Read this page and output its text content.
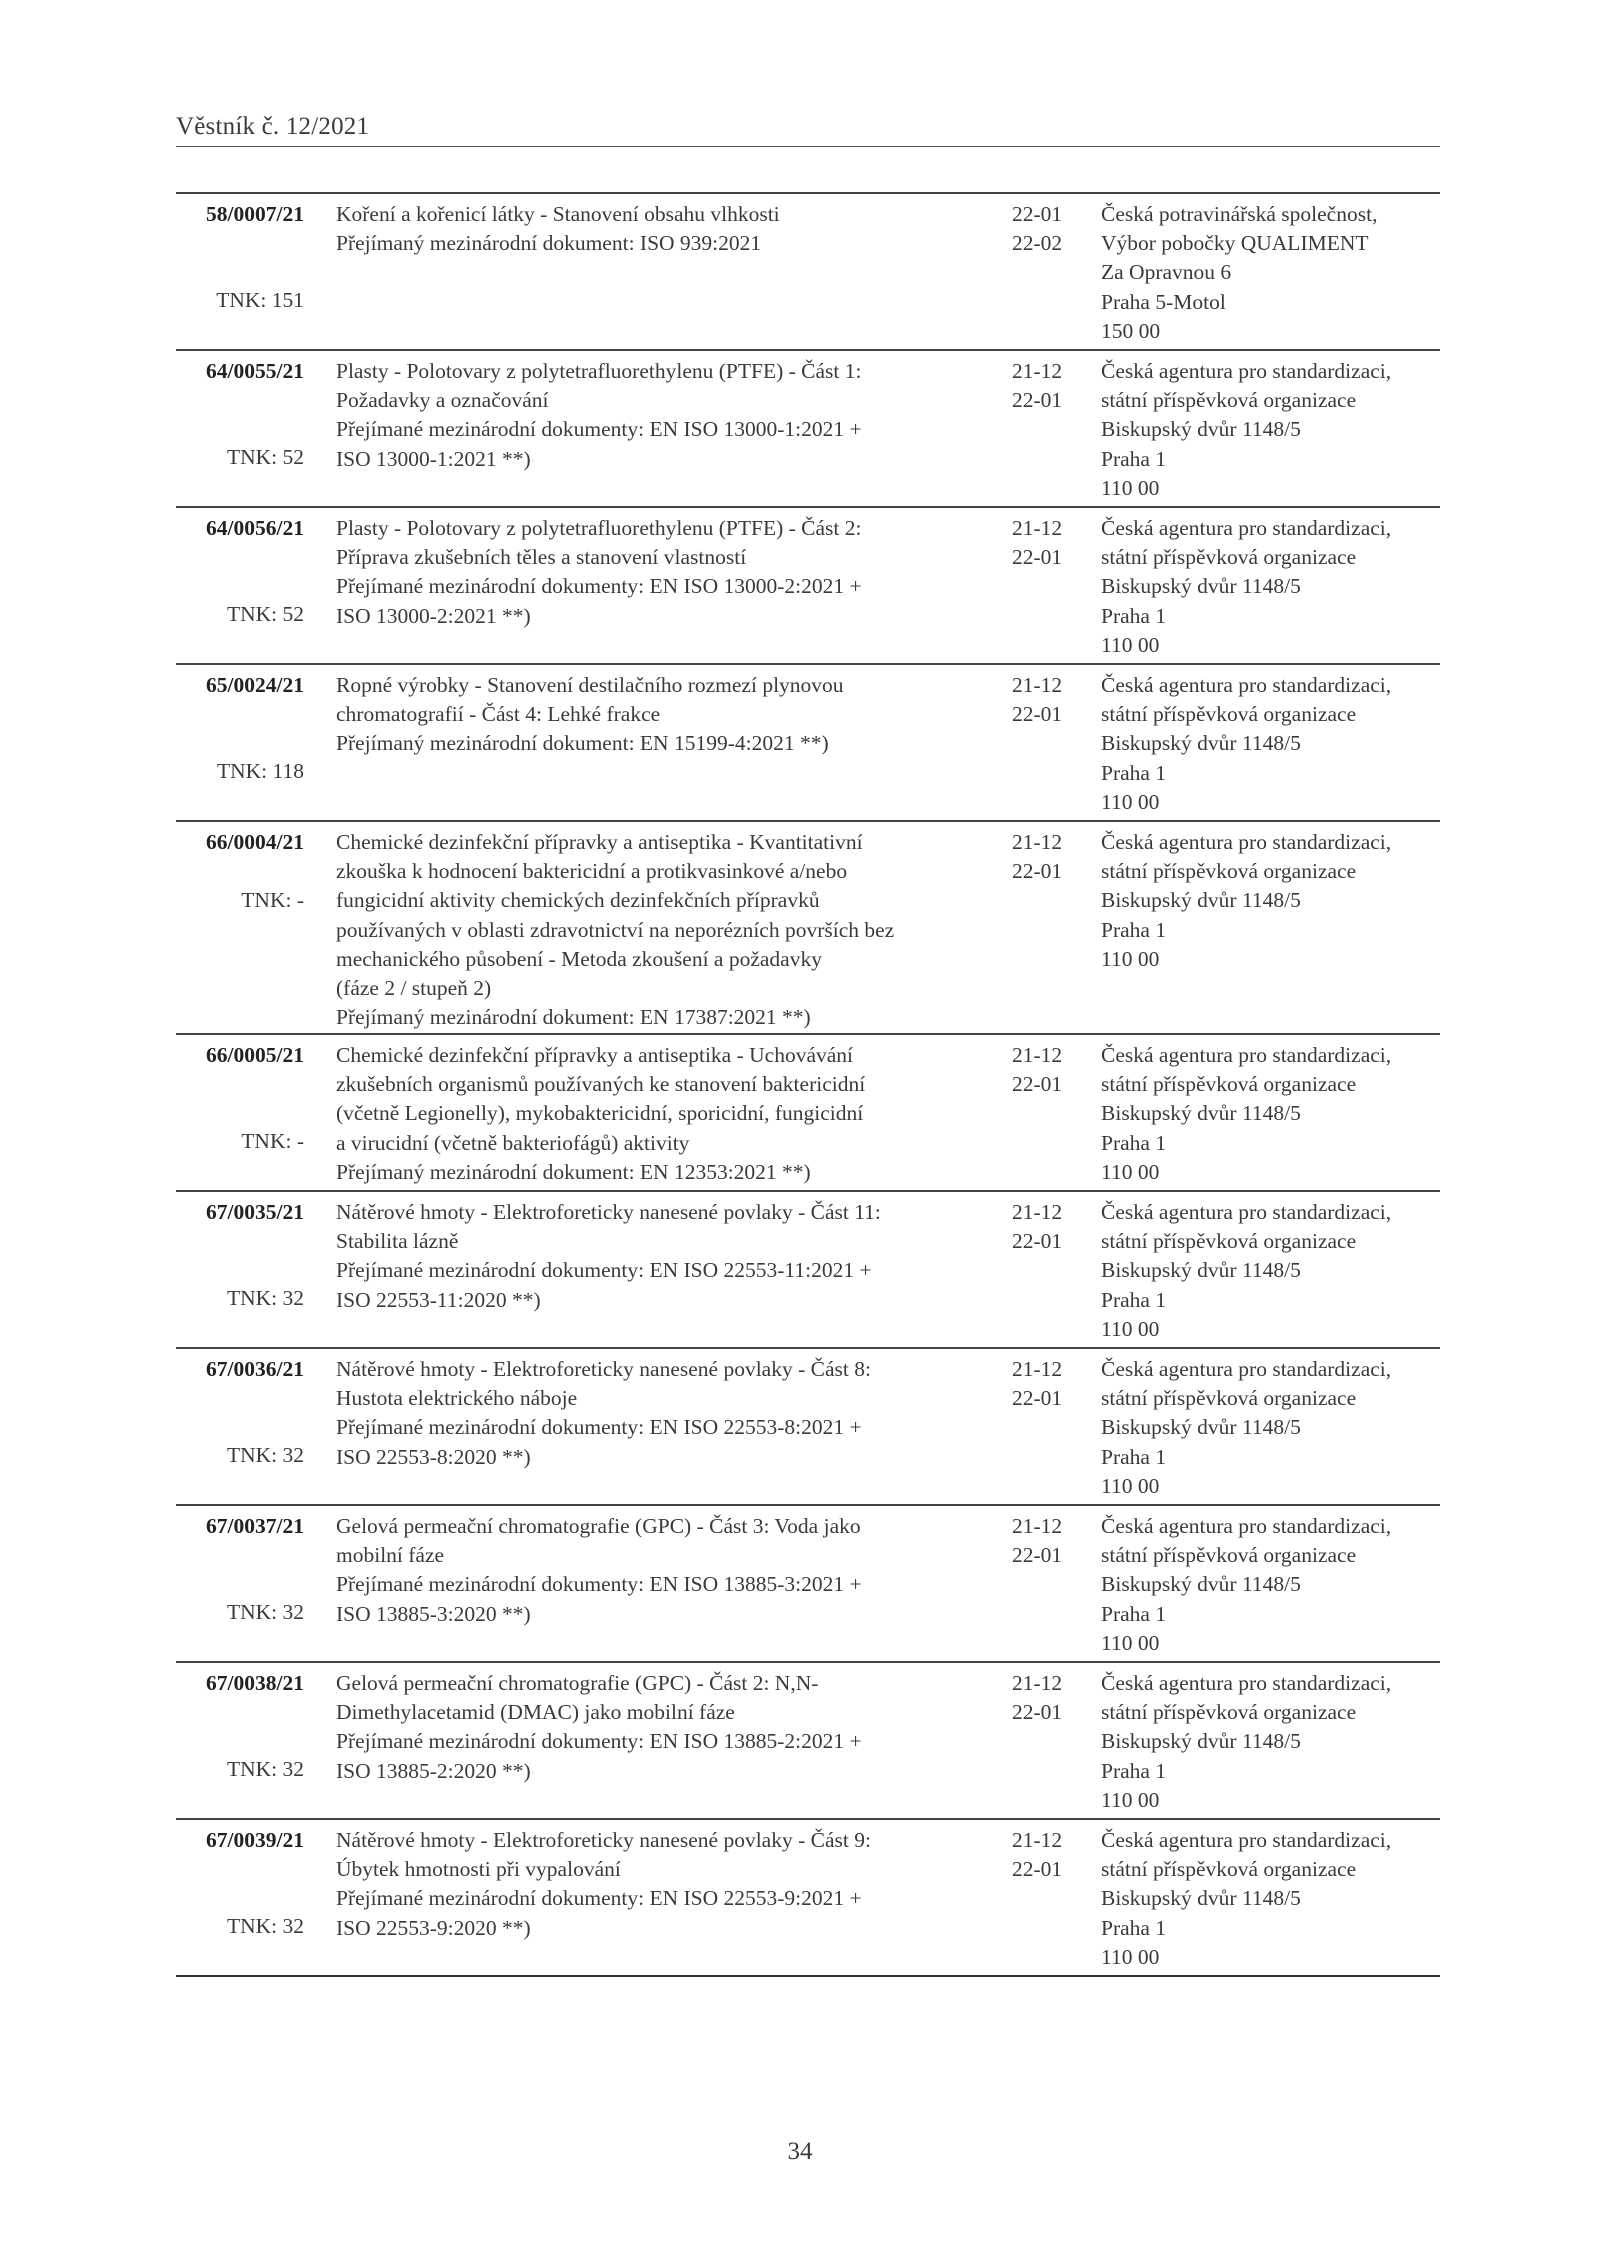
Věstník č. 12/2021
58/0007/21
TNK: 151
Koření a kořenicí látky - Stanovení obsahu vlhkosti
Přejímaný mezinárodní dokument: ISO 939:2021
22-01
22-02
Česká potravinářská společnost,
Výbor pobočky QUALIMENT
Za Opravnou 6
Praha 5-Motol
150 00
64/0055/21
TNK: 52
Plasty - Polotovary z polytetrafluorethylenu (PTFE) - Část 1:
Požadavky a označování
Přejímané mezinárodní dokumenty: EN ISO 13000-1:2021 +
ISO 13000-1:2021 **)
21-12
22-01
Česká agentura pro standardizaci,
státní příspěvková organizace
Biskupský dvůr 1148/5
Praha 1
110 00
64/0056/21
TNK: 52
Plasty - Polotovary z polytetrafluorethylenu (PTFE) - Část 2:
Příprava zkušebních těles a stanovení vlastností
Přejímané mezinárodní dokumenty: EN ISO 13000-2:2021 +
ISO 13000-2:2021 **)
21-12
22-01
Česká agentura pro standardizaci,
státní příspěvková organizace
Biskupský dvůr 1148/5
Praha 1
110 00
65/0024/21
TNK: 118
Ropné výrobky - Stanovení destilačního rozmezí plynovou
chromatografií - Část 4: Lehké frakce
Přejímaný mezinárodní dokument: EN 15199-4:2021 **)
21-12
22-01
Česká agentura pro standardizaci,
státní příspěvková organizace
Biskupský dvůr 1148/5
Praha 1
110 00
66/0004/21
TNK: -
Chemické dezinfekční přípravky a antiseptika - Kvantitativní
zkouška k hodnocení baktericidní a protikvasinkové a/nebo
fungicidní aktivity chemických dezinfekčních přípravků
používaných v oblasti zdravotnictví na neporézních površích bez
mechanického působení - Metoda zkoušení a požadavky
(fáze 2 / stupeň 2)
Přejímaný mezinárodní dokument: EN 17387:2021 **)
21-12
22-01
Česká agentura pro standardizaci,
státní příspěvková organizace
Biskupský dvůr 1148/5
Praha 1
110 00
66/0005/21
TNK: -
Chemické dezinfekční přípravky a antiseptika - Uchovávání
zkušebních organismů používaných ke stanovení baktericidní
(včetně Legionelly), mykobaktericidní, sporicidní, fungicidní
a virucidní (včetně bakteriofágů) aktivity
Přejímaný mezinárodní dokument: EN 12353:2021 **)
21-12
22-01
Česká agentura pro standardizaci,
státní příspěvková organizace
Biskupský dvůr 1148/5
Praha 1
110 00
67/0035/21
TNK: 32
Nátěrové hmoty - Elektroforeticky nanesené povlaky - Část 11:
Stabilita lázně
Přejímané mezinárodní dokumenty: EN ISO 22553-11:2021 +
ISO 22553-11:2020 **)
21-12
22-01
Česká agentura pro standardizaci,
státní příspěvková organizace
Biskupský dvůr 1148/5
Praha 1
110 00
67/0036/21
TNK: 32
Nátěrové hmoty - Elektroforeticky nanesené povlaky - Část 8:
Hustota elektrického náboje
Přejímané mezinárodní dokumenty: EN ISO 22553-8:2021 +
ISO 22553-8:2020 **)
21-12
22-01
Česká agentura pro standardizaci,
státní příspěvková organizace
Biskupský dvůr 1148/5
Praha 1
110 00
67/0037/21
TNK: 32
Gelová permeační chromatografie (GPC) - Část 3: Voda jako
mobilní fáze
Přejímané mezinárodní dokumenty: EN ISO 13885-3:2021 +
ISO 13885-3:2020 **)
21-12
22-01
Česká agentura pro standardizaci,
státní příspěvková organizace
Biskupský dvůr 1148/5
Praha 1
110 00
67/0038/21
TNK: 32
Gelová permeační chromatografie (GPC) - Část 2: N,N-
Dimethylacetamid (DMAC) jako mobilní fáze
Přejímané mezinárodní dokumenty: EN ISO 13885-2:2021 +
ISO 13885-2:2020 **)
21-12
22-01
Česká agentura pro standardizaci,
státní příspěvková organizace
Biskupský dvůr 1148/5
Praha 1
110 00
67/0039/21
TNK: 32
Nátěrové hmoty - Elektroforeticky nanesené povlaky - Část 9:
Úbytek hmotnosti při vypalování
Přejímané mezinárodní dokumenty: EN ISO 22553-9:2021 +
ISO 22553-9:2020 **)
21-12
22-01
Česká agentura pro standardizaci,
státní příspěvková organizace
Biskupský dvůr 1148/5
Praha 1
110 00
34
